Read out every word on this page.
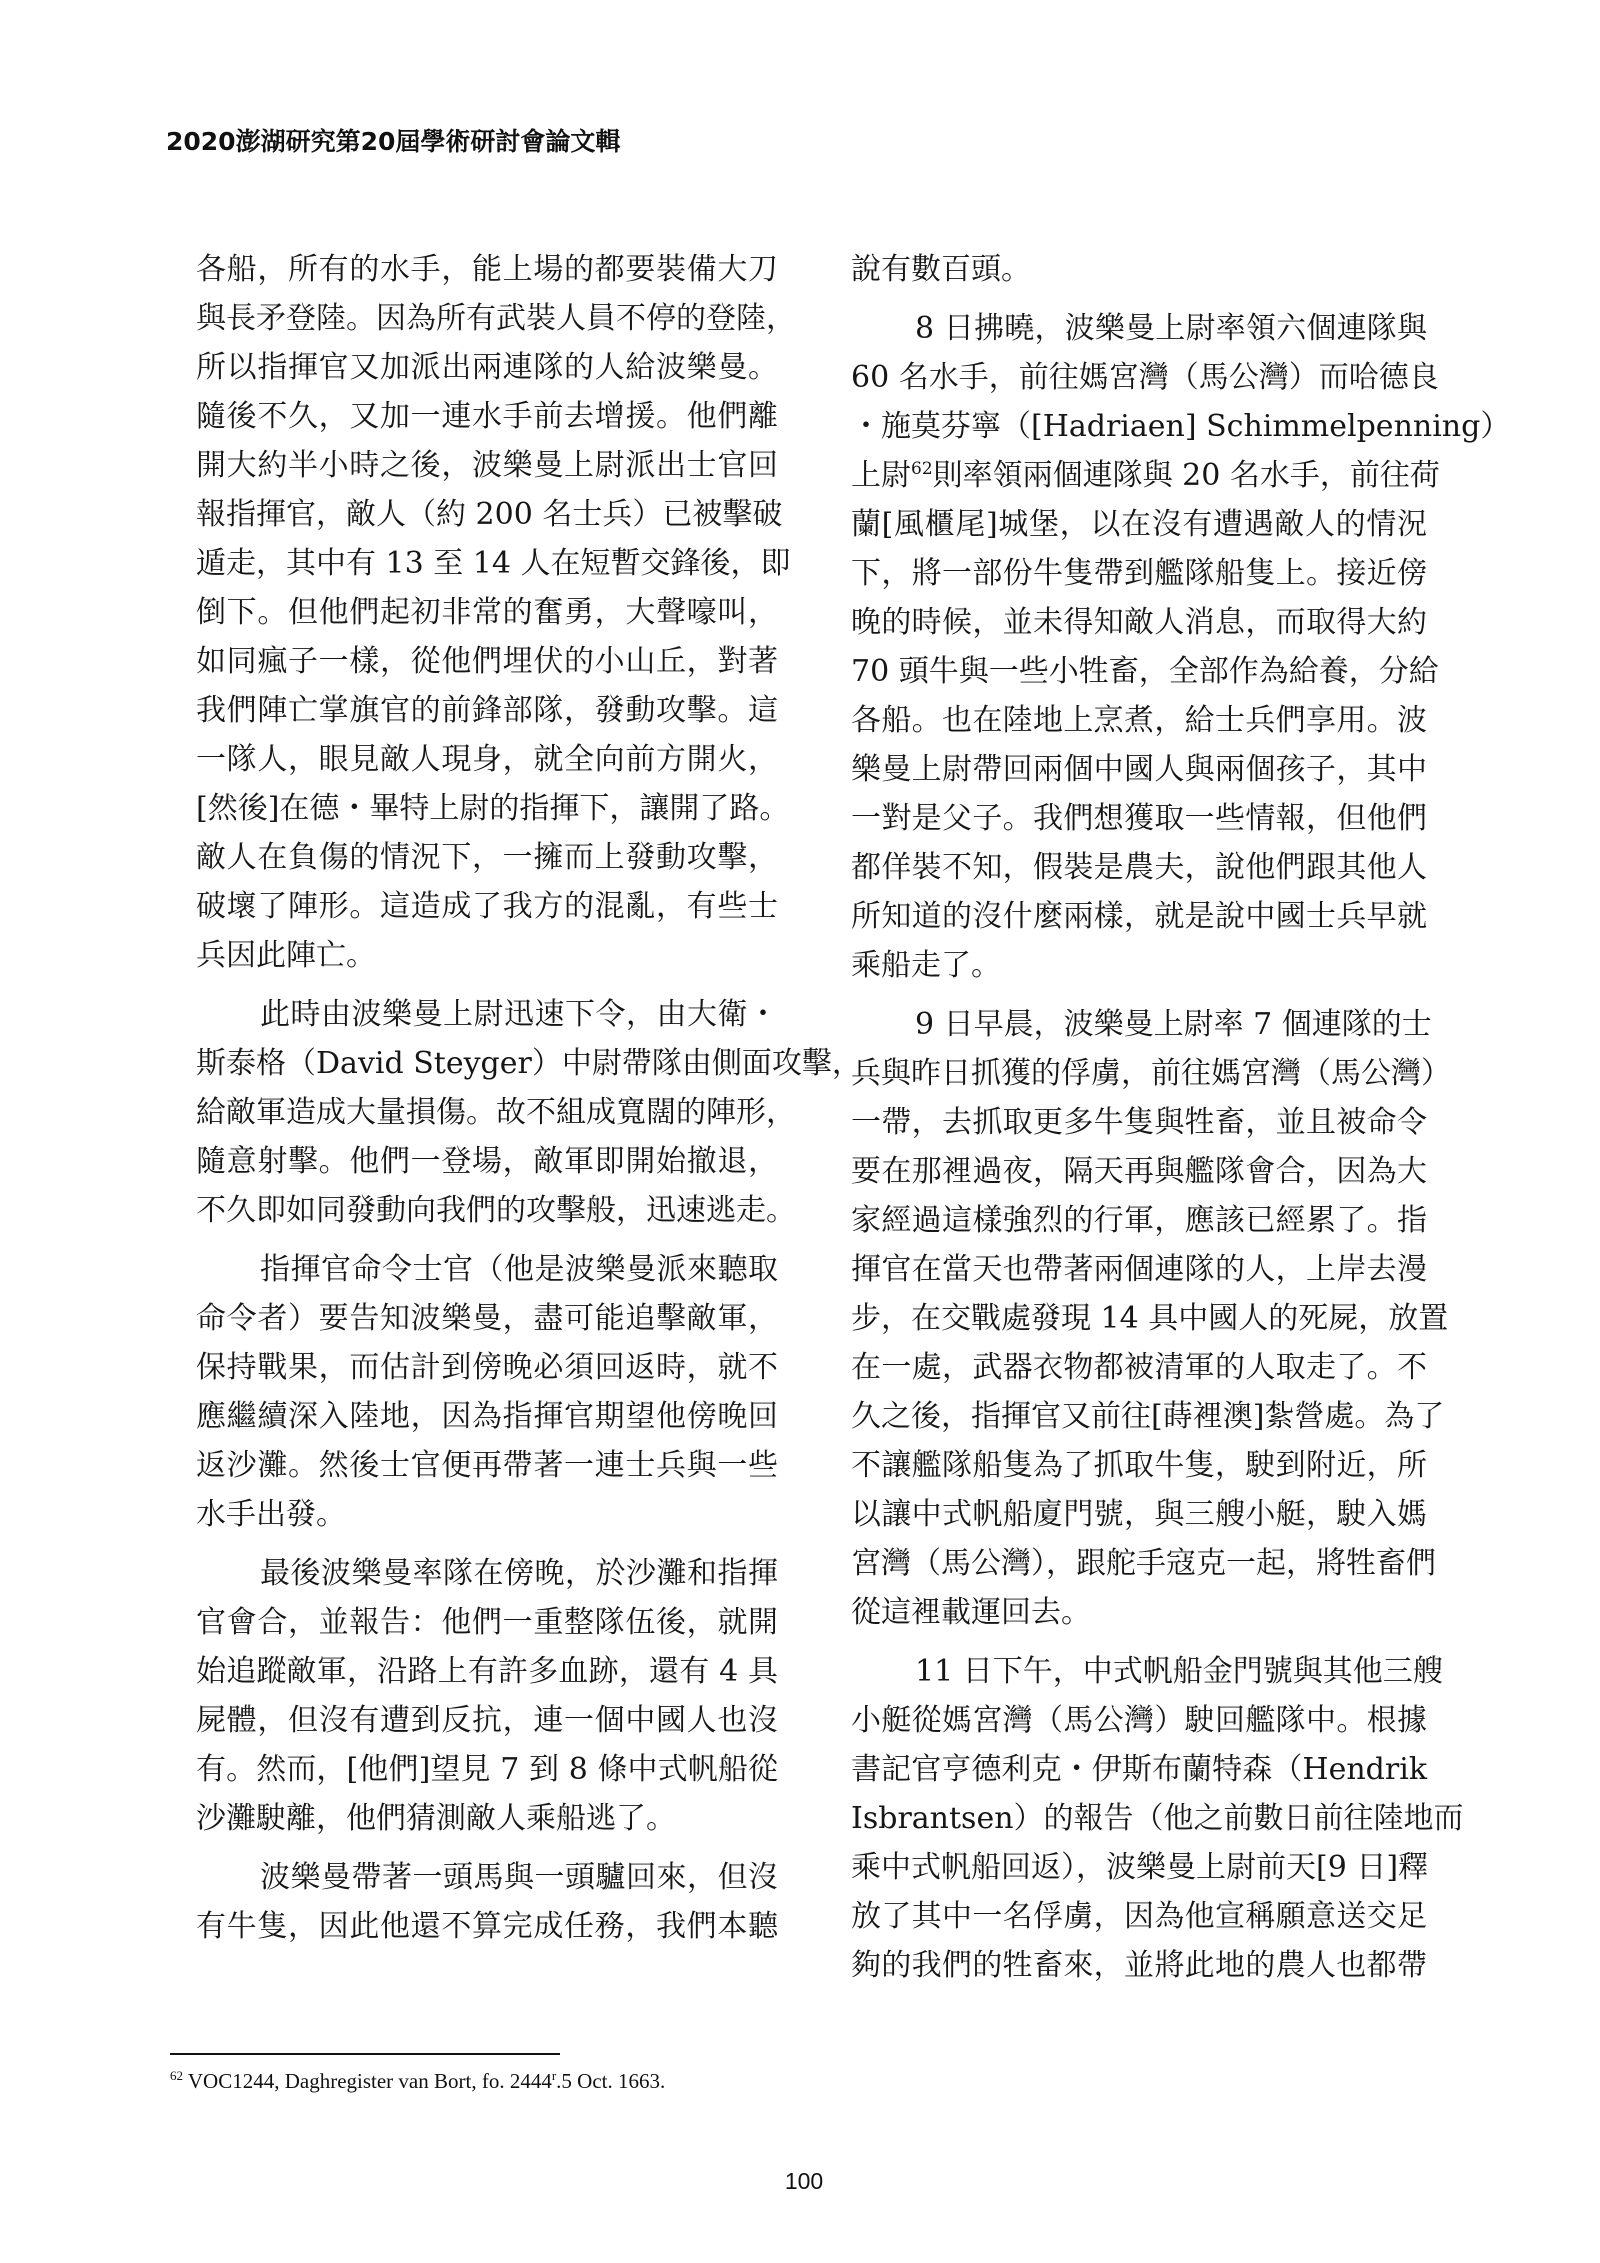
2020澎湖研究第20屆學術研討會論文輯
各船，所有的水手，能上場的都要裝備大刀
與長矛登陸。因為所有武裝人員不停的登陸，
所以指揮官又加派出兩連隊的人給波樂曼。
隨後不久，又加一連水手前去增援。他們離
開大約半小時之後，波樂曼上尉派出士官回
報指揮官，敵人（約 200 名士兵）已被擊破
遁走，其中有 13 至 14 人在短暫交鋒後，即
倒下。但他們起初非常的奮勇，大聲嚎叫，
如同瘋子一樣，從他們埋伏的小山丘，對著
我們陣亡掌旗官的前鋒部隊，發動攻擊。這
一隊人，眼見敵人現身，就全向前方開火，
[然後]在德・畢特上尉的指揮下，讓開了路。
敵人在負傷的情況下，一擁而上發動攻擊，
破壞了陣形。這造成了我方的混亂，有些士
兵因此陣亡。
此時由波樂曼上尉迅速下令，由大衛・
斯泰格（David Steyger）中尉帶隊由側面攻擊，
給敵軍造成大量損傷。故不組成寬闊的陣形，
隨意射擊。他們一登場，敵軍即開始撤退，
不久即如同發動向我們的攻擊般，迅速逃走。
指揮官命令士官（他是波樂曼派來聽取
命令者）要告知波樂曼，盡可能追擊敵軍，
保持戰果，而估計到傍晚必須回返時，就不
應繼續深入陸地，因為指揮官期望他傍晚回
返沙灘。然後士官便再帶著一連士兵與一些
水手出發。
最後波樂曼率隊在傍晚，於沙灘和指揮
官會合，並報告：他們一重整隊伍後，就開
始追蹤敵軍，沿路上有許多血跡，還有 4 具
屍體，但沒有遭到反抗，連一個中國人也沒
有。然而，[他們]望見 7 到 8 條中式帆船從
沙灘駛離，他們猜測敵人乘船逃了。
波樂曼帶著一頭馬與一頭驢回來，但沒
有牛隻，因此他還不算完成任務，我們本聽
說有數百頭。
8 日拂曉，波樂曼上尉率領六個連隊與
60 名水手，前往媽宮灣（馬公灣）而哈德良
・施莫芬寧（[Hadriaen] Schimmelpenning）
上尉$^{62}$則率領兩個連隊與 20 名水手，前往荷
蘭[風櫃尾]城堡，以在沒有遭遇敵人的情況
下，將一部份牛隻帶到艦隊船隻上。接近傍
晚的時候，並未得知敵人消息，而取得大約
70 頭牛與一些小牲畜，全部作為給養，分給
各船。也在陸地上烹煮，給士兵們享用。波
樂曼上尉帶回兩個中國人與兩個孩子，其中
一對是父子。我們想獲取一些情報，但他們
都佯裝不知，假裝是農夫，說他們跟其他人
所知道的沒什麼兩樣，就是說中國士兵早就
乘船走了。
9 日早晨，波樂曼上尉率 7 個連隊的士
兵與昨日抓獲的俘虜，前往媽宮灣（馬公灣）
一帶，去抓取更多牛隻與牲畜，並且被命令
要在那裡過夜，隔天再與艦隊會合，因為大
家經過這樣強烈的行軍，應該已經累了。指
揮官在當天也帶著兩個連隊的人，上岸去漫
步，在交戰處發現 14 具中國人的死屍，放置
在一處，武器衣物都被清軍的人取走了。不
久之後，指揮官又前往[蒔裡澳]紮營處。為了
不讓艦隊船隻為了抓取牛隻，駛到附近，所
以讓中式帆船廈門號，與三艘小艇，駛入媽
宮灣（馬公灣），跟舵手寇克一起，將牲畜們
從這裡載運回去。
11 日下午，中式帆船金門號與其他三艘
小艇從媽宮灣（馬公灣）駛回艦隊中。根據
書記官亨德利克・伊斯布蘭特森（Hendrik
Isbrantsen）的報告（他之前數日前往陸地而
乘中式帆船回返），波樂曼上尉前天[9 日]釋
放了其中一名俘虜，因為他宣稱願意送交足
夠的我們的牲畜來，並將此地的農人也都帶
$^{62}$ VOC1244, Daghregister van Bort, fo. 2444$^r$.5 Oct. 1663.
100
